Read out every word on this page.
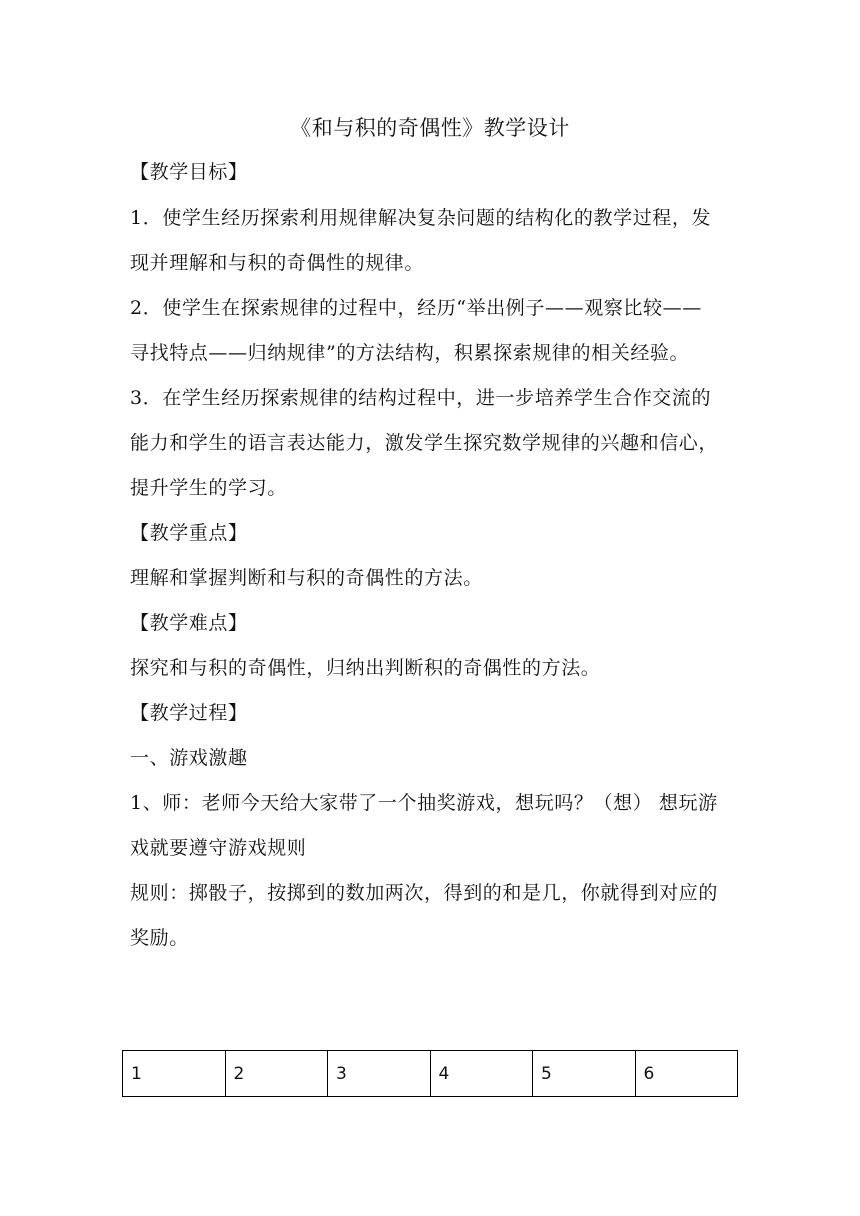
《和与积的奇偶性》教学设计
【教学目标】
1．使学生经历探索利用规律解决复杂问题的结构化的教学过程，发
现并理解和与积的奇偶性的规律。
2．使学生在探索规律的过程中，经历“举出例子——观察比较——
寻找特点——归纳规律”的方法结构，积累探索规律的相关经验。
3．在学生经历探索规律的结构过程中，进一步培养学生合作交流的
能力和学生的语言表达能力，激发学生探究数学规律的兴趣和信心，
提升学生的学习。
【教学重点】
理解和掌握判断和与积的奇偶性的方法。
【教学难点】
探究和与积的奇偶性，归纳出判断积的奇偶性的方法。
【教学过程】
一、游戏激趣
1、师：老师今天给大家带了一个抽奖游戏，想玩吗？（想） 想玩游
戏就要遵守游戏规则
规则：掷骰子，按掷到的数加两次，得到的和是几，你就得到对应的
奖励。
1	2	3	4	5	6
